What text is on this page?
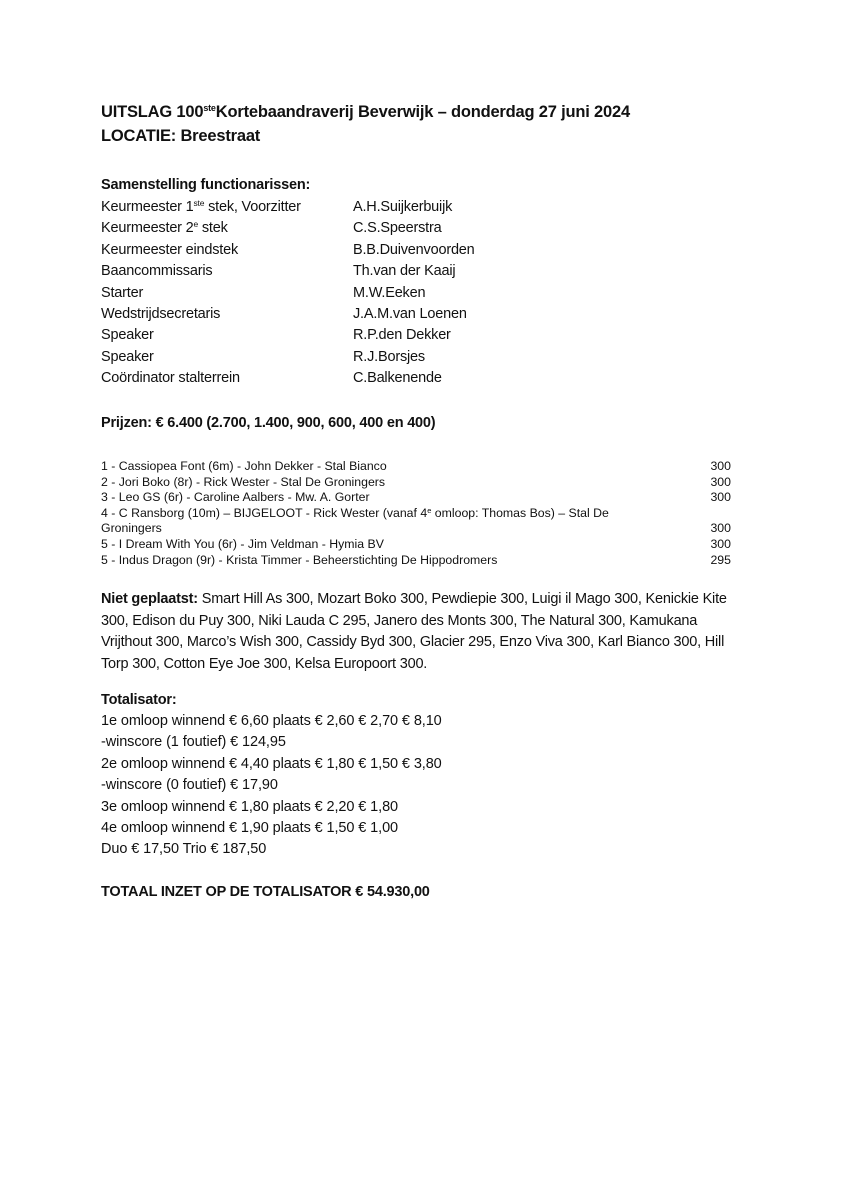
UITSLAG 100steKortebaandraverij Beverwijk – donderdag 27 juni 2024
LOCATIE: Breestraat
Samenstelling functionarissen:
Keurmeester 1ste stek, Voorzitter	A.H.Suijkerbuijk
Keurmeester 2e stek	C.S.Speerstra
Keurmeester eindstek	B.B.Duivenvoorden
Baancommissaris	Th.van der Kaaij
Starter	M.W.Eeken
Wedstrijdsecretaris	J.A.M.van Loenen
Speaker	R.P.den Dekker
Speaker	R.J.Borsjes
Coördinator stalterrein	C.Balkenende
Prijzen: € 6.400 (2.700, 1.400, 900, 600, 400 en 400)
1 - Cassiopea Font (6m) - John Dekker - Stal Bianco	300
2 - Jori Boko (8r) - Rick Wester - Stal De Groningers	300
3 - Leo GS (6r) - Caroline Aalbers - Mw. A. Gorter	300
4 - C Ransborg (10m) – BIJGELOOT - Rick Wester (vanaf 4e omloop: Thomas Bos) – Stal De Groningers	300
5 - I Dream With You (6r) - Jim Veldman - Hymia BV	300
5 - Indus Dragon (9r) - Krista Timmer - Beheerstichting De Hippodromers	295
Niet geplaatst: Smart Hill As 300, Mozart Boko 300, Pewdiepie 300, Luigi il Mago 300, Kenickie Kite 300, Edison du Puy 300, Niki Lauda C 295, Janero des Monts 300, The Natural 300, Kamukana Vrijthout 300, Marco’s Wish 300, Cassidy Byd 300, Glacier 295, Enzo Viva 300, Karl Bianco 300, Hill Torp 300, Cotton Eye Joe 300, Kelsa Europoort 300.
Totalisator:
1e omloop winnend € 6,60 plaats € 2,60 € 2,70 € 8,10
-winscore (1 foutief) € 124,95
2e omloop winnend € 4,40 plaats € 1,80 € 1,50 € 3,80
-winscore (0 foutief) € 17,90
3e omloop winnend € 1,80 plaats € 2,20 € 1,80
4e omloop winnend € 1,90 plaats € 1,50 € 1,00
Duo € 17,50 Trio € 187,50
TOTAAL INZET OP DE TOTALISATOR € 54.930,00
